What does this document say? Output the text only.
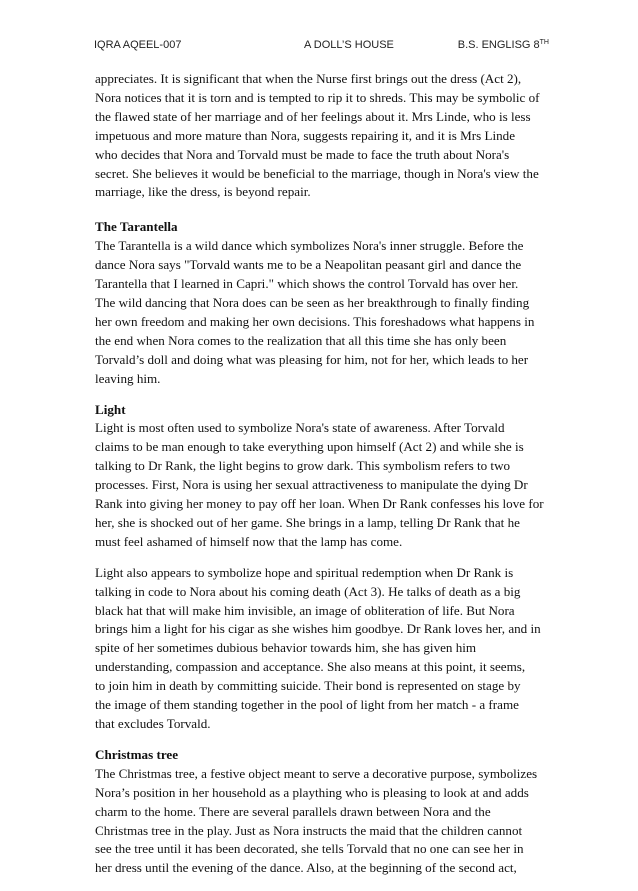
IQRA AQEEL-007	A DOLL’S HOUSE	B.S. ENGLISG 8TH
appreciates. It is significant that when the Nurse first brings out the dress (Act 2),
Nora notices that it is torn and is tempted to rip it to shreds. This may be symbolic of
the flawed state of her marriage and of her feelings about it. Mrs Linde, who is less
impetuous and more mature than Nora, suggests repairing it, and it is Mrs Linde
who decides that Nora and Torvald must be made to face the truth about Nora's
secret. She believes it would be beneficial to the marriage, though in Nora's view the
marriage, like the dress, is beyond repair.
The Tarantella
The Tarantella is a wild dance which symbolizes Nora's inner struggle. Before the
dance Nora says "Torvald wants me to be a Neapolitan peasant girl and dance the
Tarantella that I learned in Capri." which shows the control Torvald has over her.
The wild dancing that Nora does can be seen as her breakthrough to finally finding
her own freedom and making her own decisions. This foreshadows what happens in
the end when Nora comes to the realization that all this time she has only been
Torvald’s doll and doing what was pleasing for him, not for her, which leads to her
leaving him.
Light
Light is most often used to symbolize Nora's state of awareness. After Torvald
claims to be man enough to take everything upon himself (Act 2) and while she is
talking to Dr Rank, the light begins to grow dark. This symbolism refers to two
processes. First, Nora is using her sexual attractiveness to manipulate the dying Dr
Rank into giving her money to pay off her loan. When Dr Rank confesses his love for
her, she is shocked out of her game. She brings in a lamp, telling Dr Rank that he
must feel ashamed of himself now that the lamp has come.
Light also appears to symbolize hope and spiritual redemption when Dr Rank is
talking in code to Nora about his coming death (Act 3). He talks of death as a big
black hat that will make him invisible, an image of obliteration of life. But Nora
brings him a light for his cigar as she wishes him goodbye. Dr Rank loves her, and in
spite of her sometimes dubious behavior towards him, she has given him
understanding, compassion and acceptance. She also means at this point, it seems,
to join him in death by committing suicide. Their bond is represented on stage by
the image of them standing together in the pool of light from her match - a frame
that excludes Torvald.
Christmas tree
The Christmas tree, a festive object meant to serve a decorative purpose, symbolizes
Nora’s position in her household as a plaything who is pleasing to look at and adds
charm to the home. There are several parallels drawn between Nora and the
Christmas tree in the play. Just as Nora instructs the maid that the children cannot
see the tree until it has been decorated, she tells Torvald that no one can see her in
her dress until the evening of the dance. Also, at the beginning of the second act,
